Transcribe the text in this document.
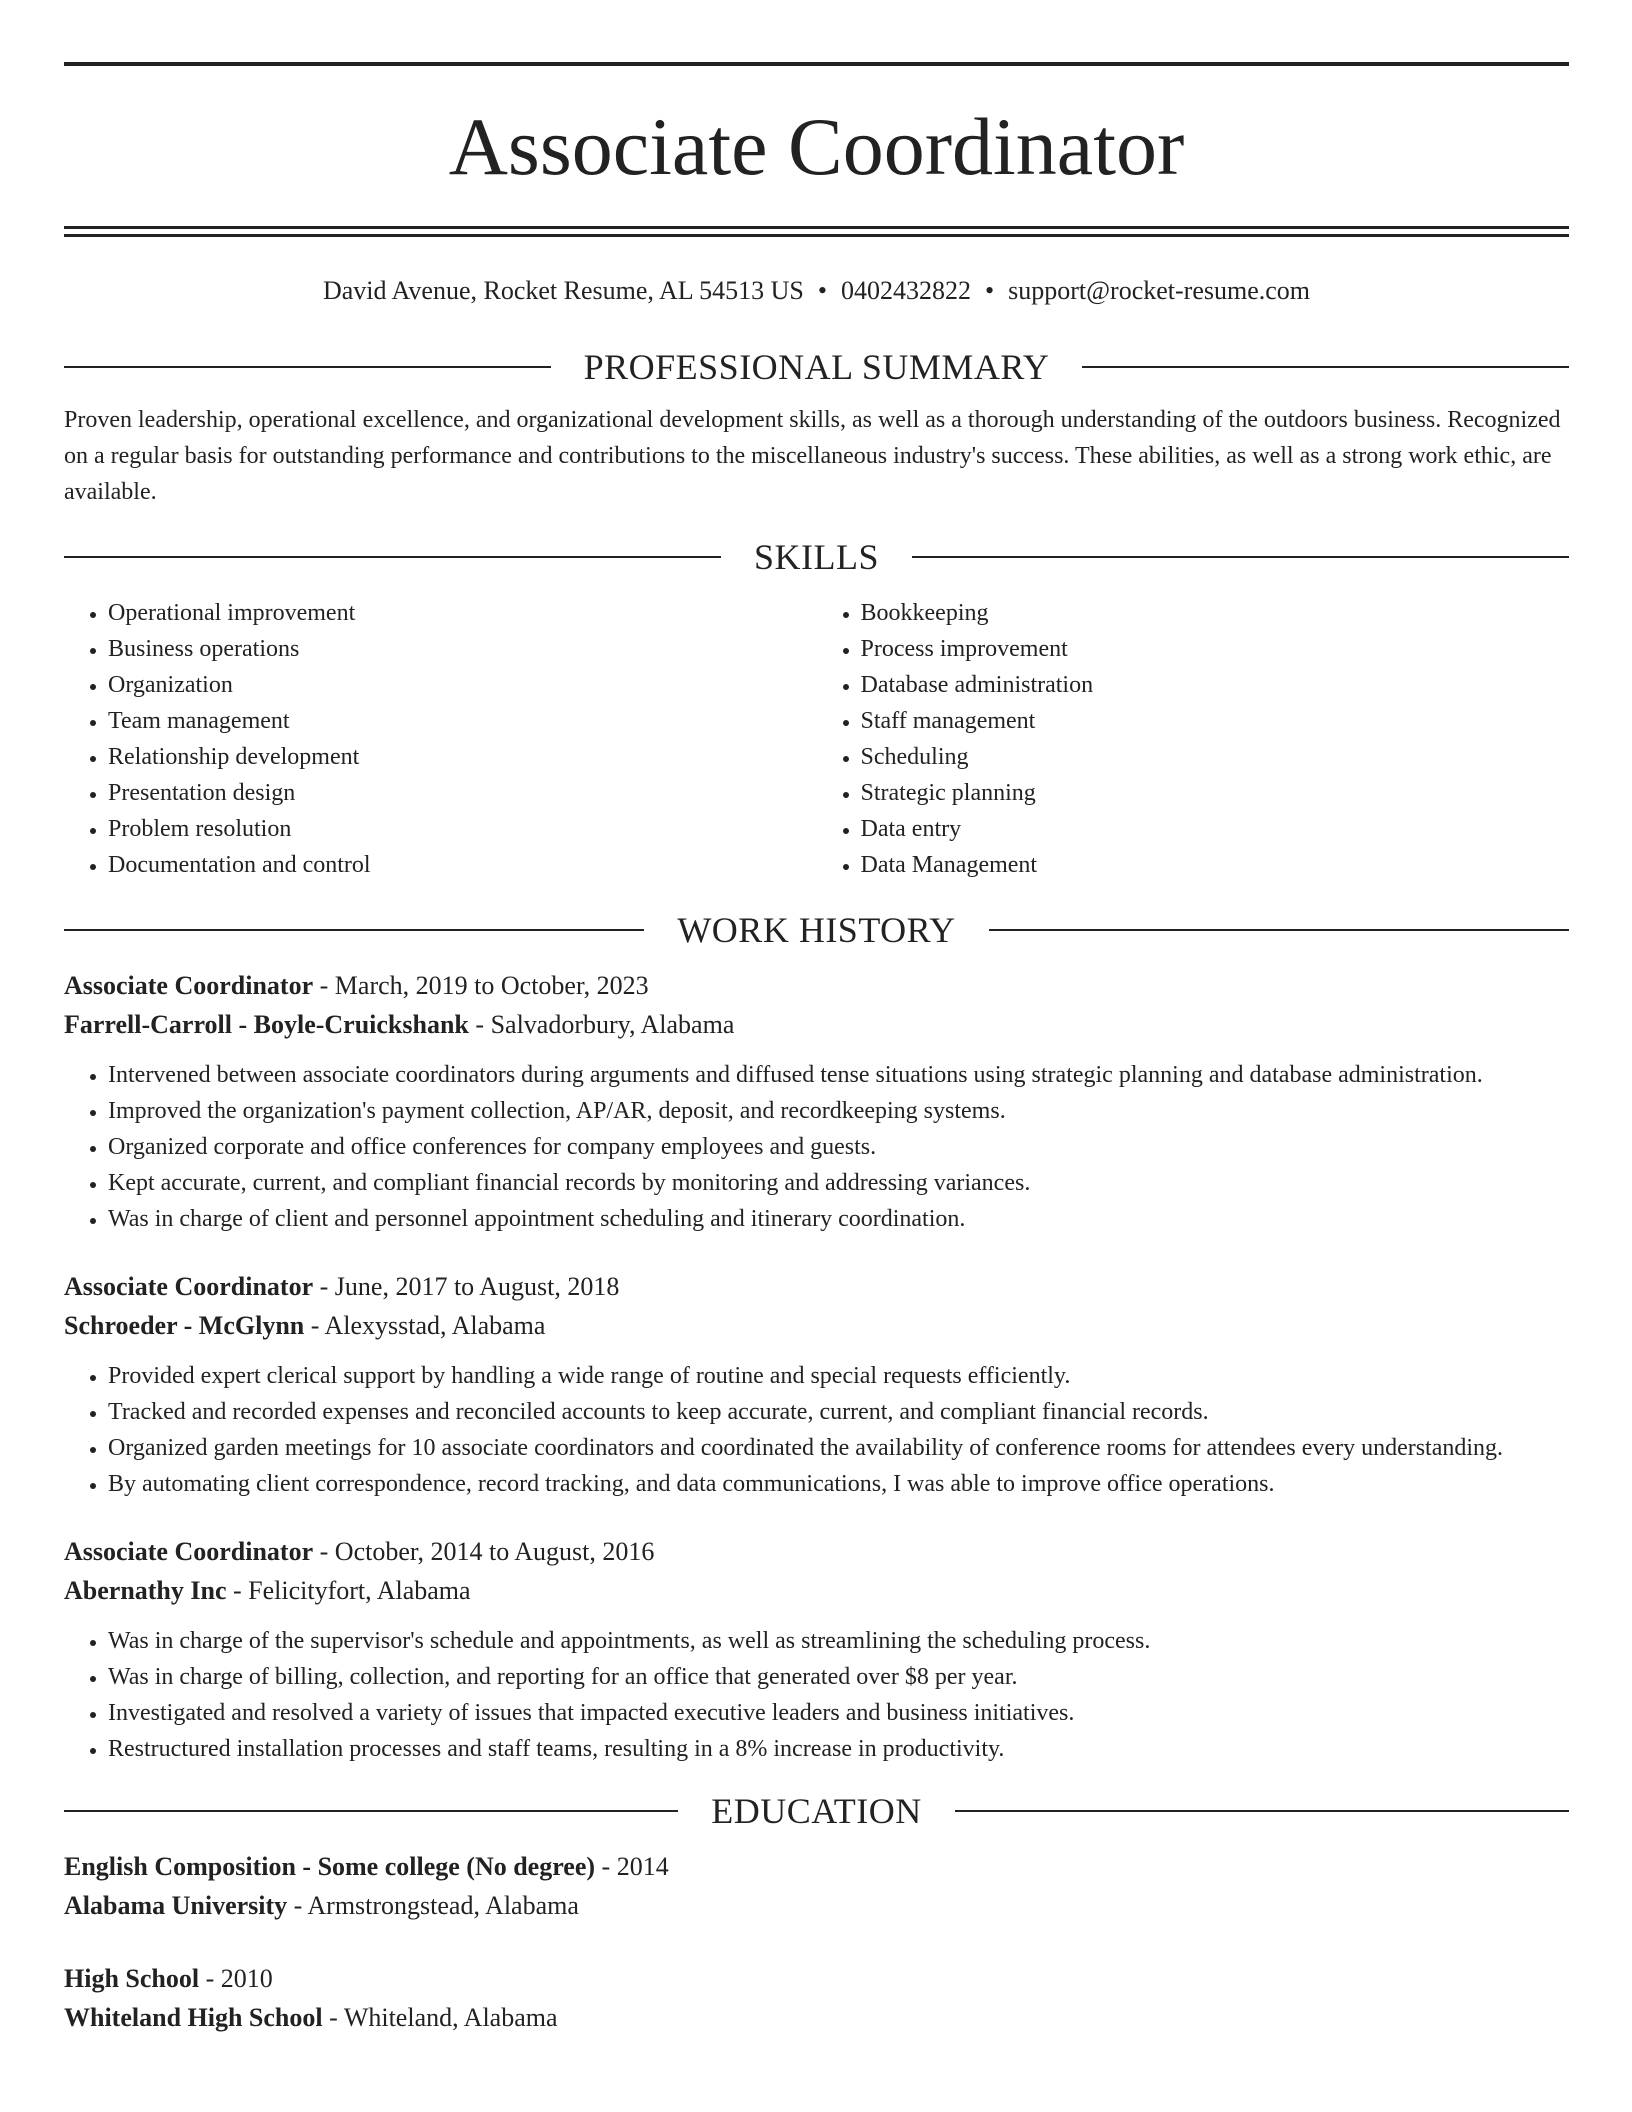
Associate Coordinator
David Avenue, Rocket Resume, AL 54513 US • 0402432822 • support@rocket-resume.com
PROFESSIONAL SUMMARY
Proven leadership, operational excellence, and organizational development skills, as well as a thorough understanding of the outdoors business. Recognized on a regular basis for outstanding performance and contributions to the miscellaneous industry's success. These abilities, as well as a strong work ethic, are available.
SKILLS
• Operational improvement
• Business operations
• Organization
• Team management
• Relationship development
• Presentation design
• Problem resolution
• Documentation and control
• Bookkeeping
• Process improvement
• Database administration
• Staff management
• Scheduling
• Strategic planning
• Data entry
• Data Management
WORK HISTORY
Associate Coordinator - March, 2019 to October, 2023
Farrell-Carroll - Boyle-Cruickshank - Salvadorbury, Alabama
• Intervened between associate coordinators during arguments and diffused tense situations using strategic planning and database administration.
• Improved the organization's payment collection, AP/AR, deposit, and recordkeeping systems.
• Organized corporate and office conferences for company employees and guests.
• Kept accurate, current, and compliant financial records by monitoring and addressing variances.
• Was in charge of client and personnel appointment scheduling and itinerary coordination.
Associate Coordinator - June, 2017 to August, 2018
Schroeder - McGlynn - Alexysstad, Alabama
• Provided expert clerical support by handling a wide range of routine and special requests efficiently.
• Tracked and recorded expenses and reconciled accounts to keep accurate, current, and compliant financial records.
• Organized garden meetings for 10 associate coordinators and coordinated the availability of conference rooms for attendees every understanding.
• By automating client correspondence, record tracking, and data communications, I was able to improve office operations.
Associate Coordinator - October, 2014 to August, 2016
Abernathy Inc - Felicityfort, Alabama
• Was in charge of the supervisor's schedule and appointments, as well as streamlining the scheduling process.
• Was in charge of billing, collection, and reporting for an office that generated over $8 per year.
• Investigated and resolved a variety of issues that impacted executive leaders and business initiatives.
• Restructured installation processes and staff teams, resulting in a 8% increase in productivity.
EDUCATION
English Composition - Some college (No degree) - 2014
Alabama University - Armstrongstead, Alabama
High School - 2010
Whiteland High School - Whiteland, Alabama
